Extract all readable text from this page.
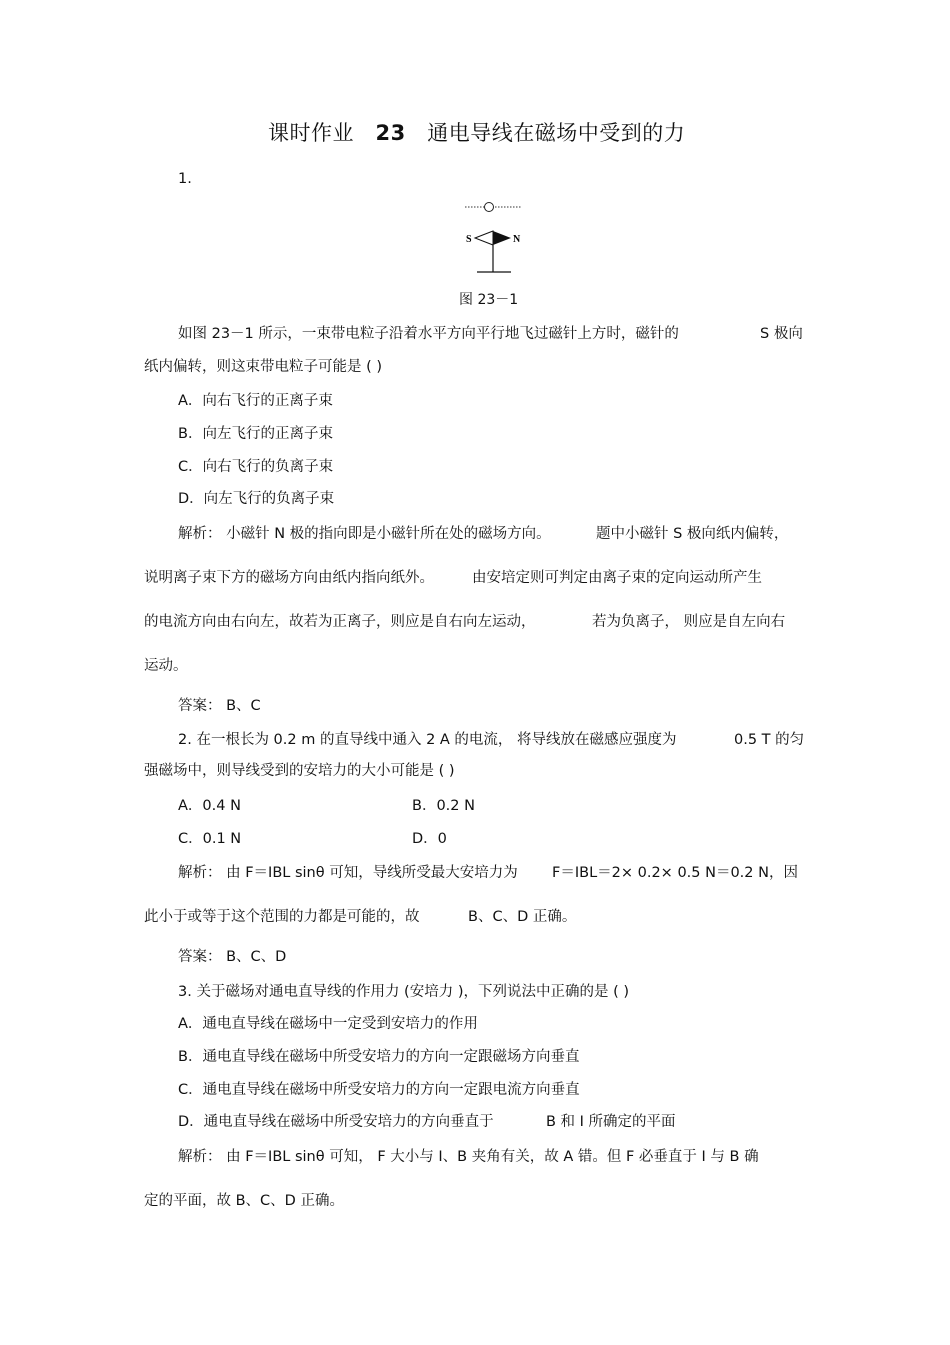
课时作业 23 通电导线在磁场中受到的力
1.
S	N
图 23－1
如图 23－1 所示，一束带电粒子沿着水平方向平行地飞过磁针上方时，磁针的	S 极向
纸内偏转，则这束带电粒子可能是 ( )
A．向右飞行的正离子束
B．向左飞行的正离子束
C．向右飞行的负离子束
D．向左飞行的负离子束
解析： 小磁针 N 极的指向即是小磁针所在处的磁场方向。	题中小磁针 S 极向纸内偏转，
说明离子束下方的磁场方向由纸内指向纸外。	由安培定则可判定由离子束的定向运动所产生
的电流方向由右向左，故若为正离子，则应是自右向左运动，	若为负离子， 则应是自左向右
运动。
答案： B、C
2. 在一根长为 0.2 m 的直导线中通入 2 A 的电流， 将导线放在磁感应强度为	0.5 T 的匀
强磁场中，则导线受到的安培力的大小可能是 ( )
A．0.4 N	B．0.2 N
C．0.1 N	D．0
解析： 由 F＝IBL sinθ 可知，导线所受最大安培力为 F＝IBL＝2× 0.2× 0.5 N＝0.2 N，因
此小于或等于这个范围的力都是可能的，故	B、C、D 正确。
答案： B、C、D
3. 关于磁场对通电直导线的作用力 (安培力 )，下列说法中正确的是 ( )
A．通电直导线在磁场中一定受到安培力的作用
B．通电直导线在磁场中所受安培力的方向一定跟磁场方向垂直
C．通电直导线在磁场中所受安培力的方向一定跟电流方向垂直
D．通电直导线在磁场中所受安培力的方向垂直于	B 和 I 所确定的平面
解析： 由 F＝IBL sinθ 可知， F 大小与 I、B 夹角有关，故 A 错。但 F 必垂直于 I 与 B 确
定的平面，故 B、C、D 正确。
